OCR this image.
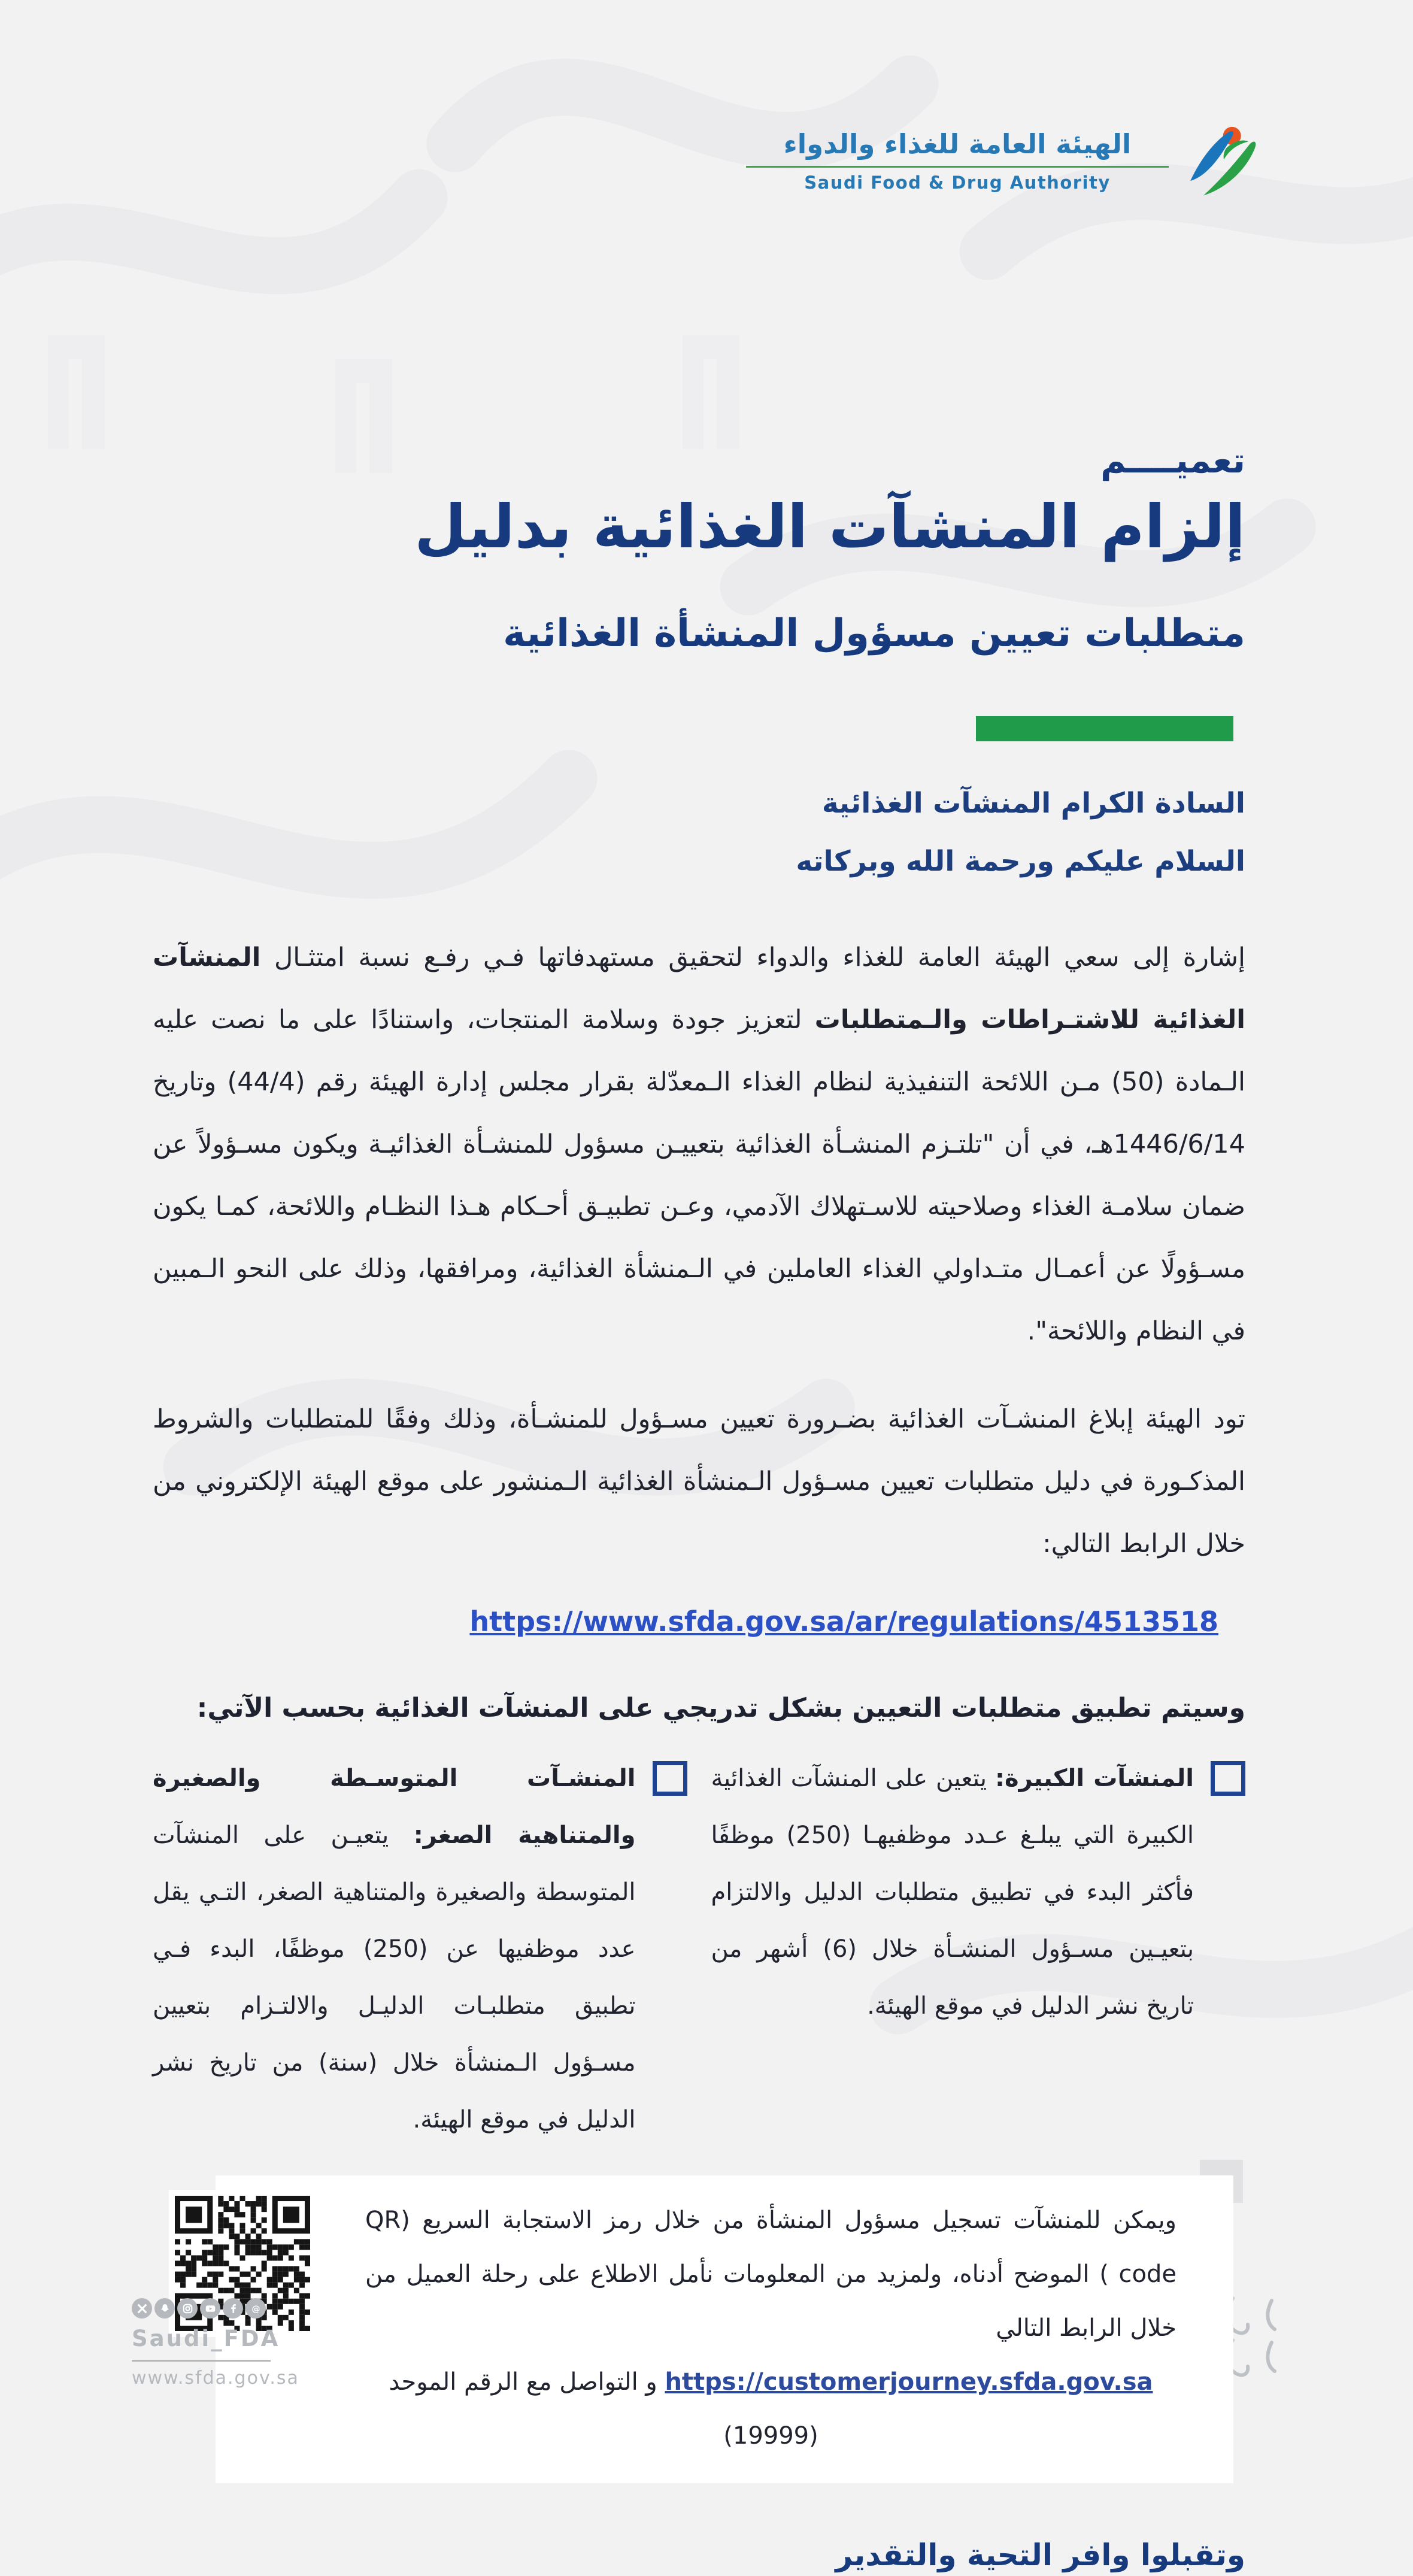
الهيئة العامة للغذاء والدواء
Saudi Food & Drug Authority
تعميــــم
إلزام المنشآت الغذائية بدليل
متطلبات تعيين مسؤول المنشأة الغذائية
السادة الكرام المنشآت الغذائية
السلام عليكم ورحمة الله وبركاته

إشارة إلى سعي الهيئة العامة للغذاء والدواء لتحقيق مستهدفاتها فـي رفـع نسبة امتثـال المنشآت الغذائية للاشتـراطات والـمتطلبات لتعزيز جودة وسلامة المنتجات، واستنادًا على ما نصت عليه الـمادة (50) مـن اللائحة التنفيذية لنظام الغذاء الـمعدّلة بقرار مجلس إدارة الهيئة رقم (44/4) وتاريخ 1446/6/14هـ، في أن "تلتـزم المنشـأة الغذائية بتعييـن مسؤول للمنشـأة الغذائيـة ويكون مسـؤولاً عن ضمان سلامـة الغذاء وصلاحيته للاسـتهلاك الآدمي، وعـن تطبيـق أحـكام هـذا النظـام واللائحة، كمـا يكون مسـؤولًا عن أعمـال متـداولي الغذاء العاملين في الـمنشأة الغذائية، ومرافقها، وذلك على النحو الـمبين في النظام واللائحة".

تود الهيئة إبلاغ المنشـآت الغذائية بضـرورة تعيين مسـؤول للمنشـأة، وذلك وفقًا للمتطلبات والشروط المذكـورة في دليل متطلبات تعيين مسـؤول الـمنشأة الغذائية الـمنشور على موقع الهيئة الإلكتروني من خلال الرابط التالي:

https://www.sfda.gov.sa/ar/regulations/4513518
وسيتم تطبيق متطلبات التعيين بشكل تدريجي على المنشآت الغذائية بحسب الآتي:
المنشآت الكبيرة: يتعين على المنشآت الغذائية الكبيرة التي يبلـغ عـدد موظفيهـا (250) موظفًا فأكثر البدء في تطبيق متطلبات الدليل والالتزام بتعيـين مسـؤول المنشـأة خلال (6) أشهر من تاريخ نشر الدليل في موقع الهيئة.
المنشـآت المتوسـطة والصغيرة والمتناهية الصغر: يتعيـن على المنشآت المتوسطة والصغيرة والمتناهية الصغر، التـي يقل عدد موظفيها عن (250) موظفًا، البدء فـي تطبيق متطلبـات الدليـل والالتـزام بتعيين مسـؤول الـمنشأة خلال (سنة) من تاريخ نشر الدليل في موقع الهيئة.
ويمكن للمنشآت تسجيل مسؤول المنشأة من خلال رمز الاستجابة السريع (QR code ) الموضح أدناه، ولمزيد من المعلومات نأمل الاطلاع على رحلة العميل من خلال الرابط التالي
https://customerjourney.sfda.gov.sa و التواصل مع الرقم الموحد (19999)
وتقبلوا وافر التحية والتقدير
@
Saudi_FDA
www.sfda.gov.sa
